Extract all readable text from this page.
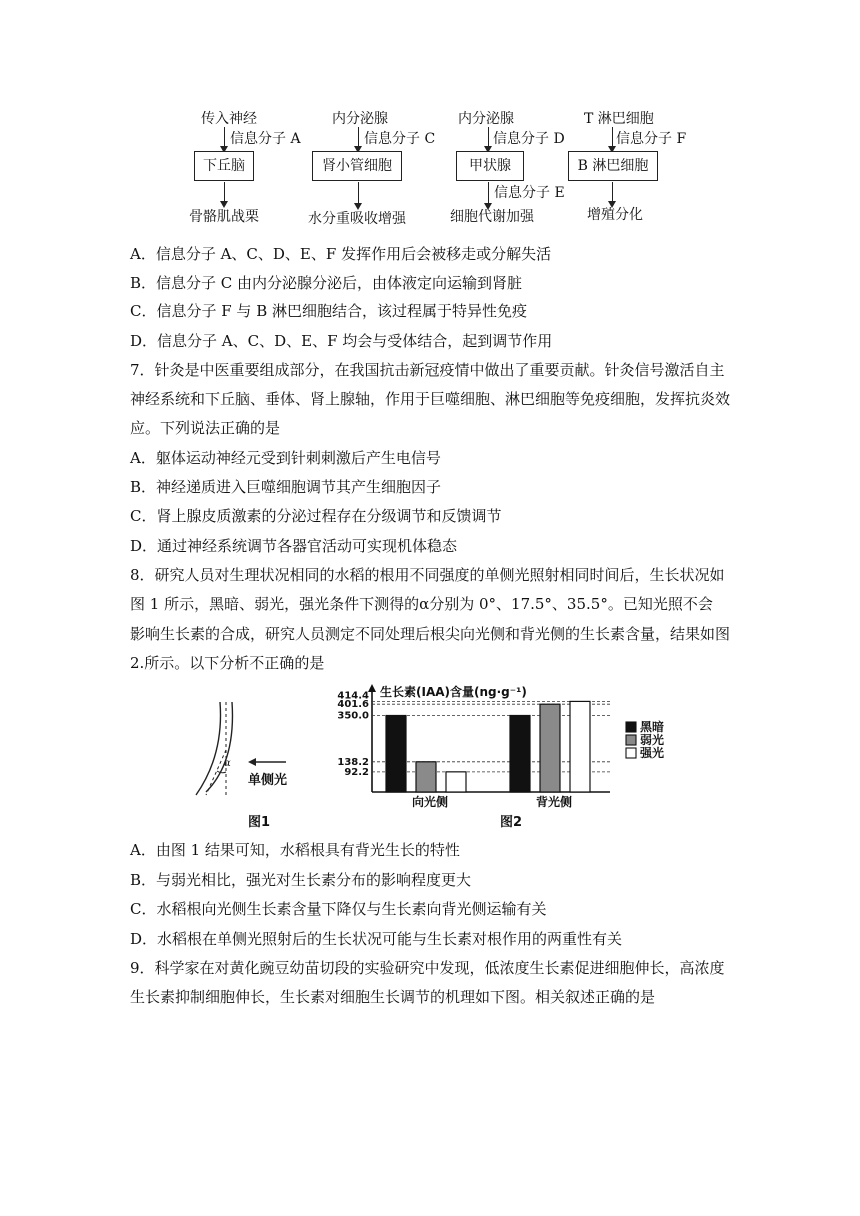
传入神经
信息分子 A
下丘脑
骨骼肌战栗
内分泌腺
信息分子 C
肾小管细胞
水分重吸收增强
内分泌腺
信息分子 D
甲状腺
信息分子 E
细胞代谢加强
T 淋巴细胞
信息分子 F
B 淋巴细胞
增殖分化
A．信息分子 A、C、D、E、F 发挥作用后会被移走或分解失活
B．信息分子 C 由内分泌腺分泌后，由体液定向运输到肾脏
C．信息分子 F 与 B 淋巴细胞结合，该过程属于特异性免疫
D．信息分子 A、C、D、E、F 均会与受体结合，起到调节作用
7．针灸是中医重要组成部分，在我国抗击新冠疫情中做出了重要贡献。针灸信号激活自主
神经系统和下丘脑、垂体、肾上腺轴，作用于巨噬细胞、淋巴细胞等免疫细胞，发挥抗炎效
应。下列说法正确的是
A．躯体运动神经元受到针刺刺激后产生电信号
B．神经递质进入巨噬细胞调节其产生细胞因子
C．肾上腺皮质激素的分泌过程存在分级调节和反馈调节
D．通过神经系统调节各器官活动可实现机体稳态
8．研究人员对生理状况相同的水稻的根用不同强度的单侧光照射相同时间后，生长状况如
图 1 所示，黑暗、弱光，强光条件下测得的α分别为 0°、17.5°、35.5°。已知光照不会
影响生长素的合成，研究人员测定不同处理后根尖向光侧和背光侧的生长素含量，结果如图
2.所示。以下分析不正确的是
α
单侧光
图1
生长素(IAA)含量(ng·g⁻¹)
92.2
138.2
350.0
401.6
414.4
向光侧	背光侧
黑暗
弱光
强光
图2
A．由图 1 结果可知，水稻根具有背光生长的特性
B．与弱光相比，强光对生长素分布的影响程度更大
C．水稻根向光侧生长素含量下降仅与生长素向背光侧运输有关
D．水稻根在单侧光照射后的生长状况可能与生长素对根作用的两重性有关
9．科学家在对黄化豌豆幼苗切段的实验研究中发现，低浓度生长素促进细胞伸长，高浓度
生长素抑制细胞伸长，生长素对细胞生长调节的机理如下图。相关叙述正确的是
